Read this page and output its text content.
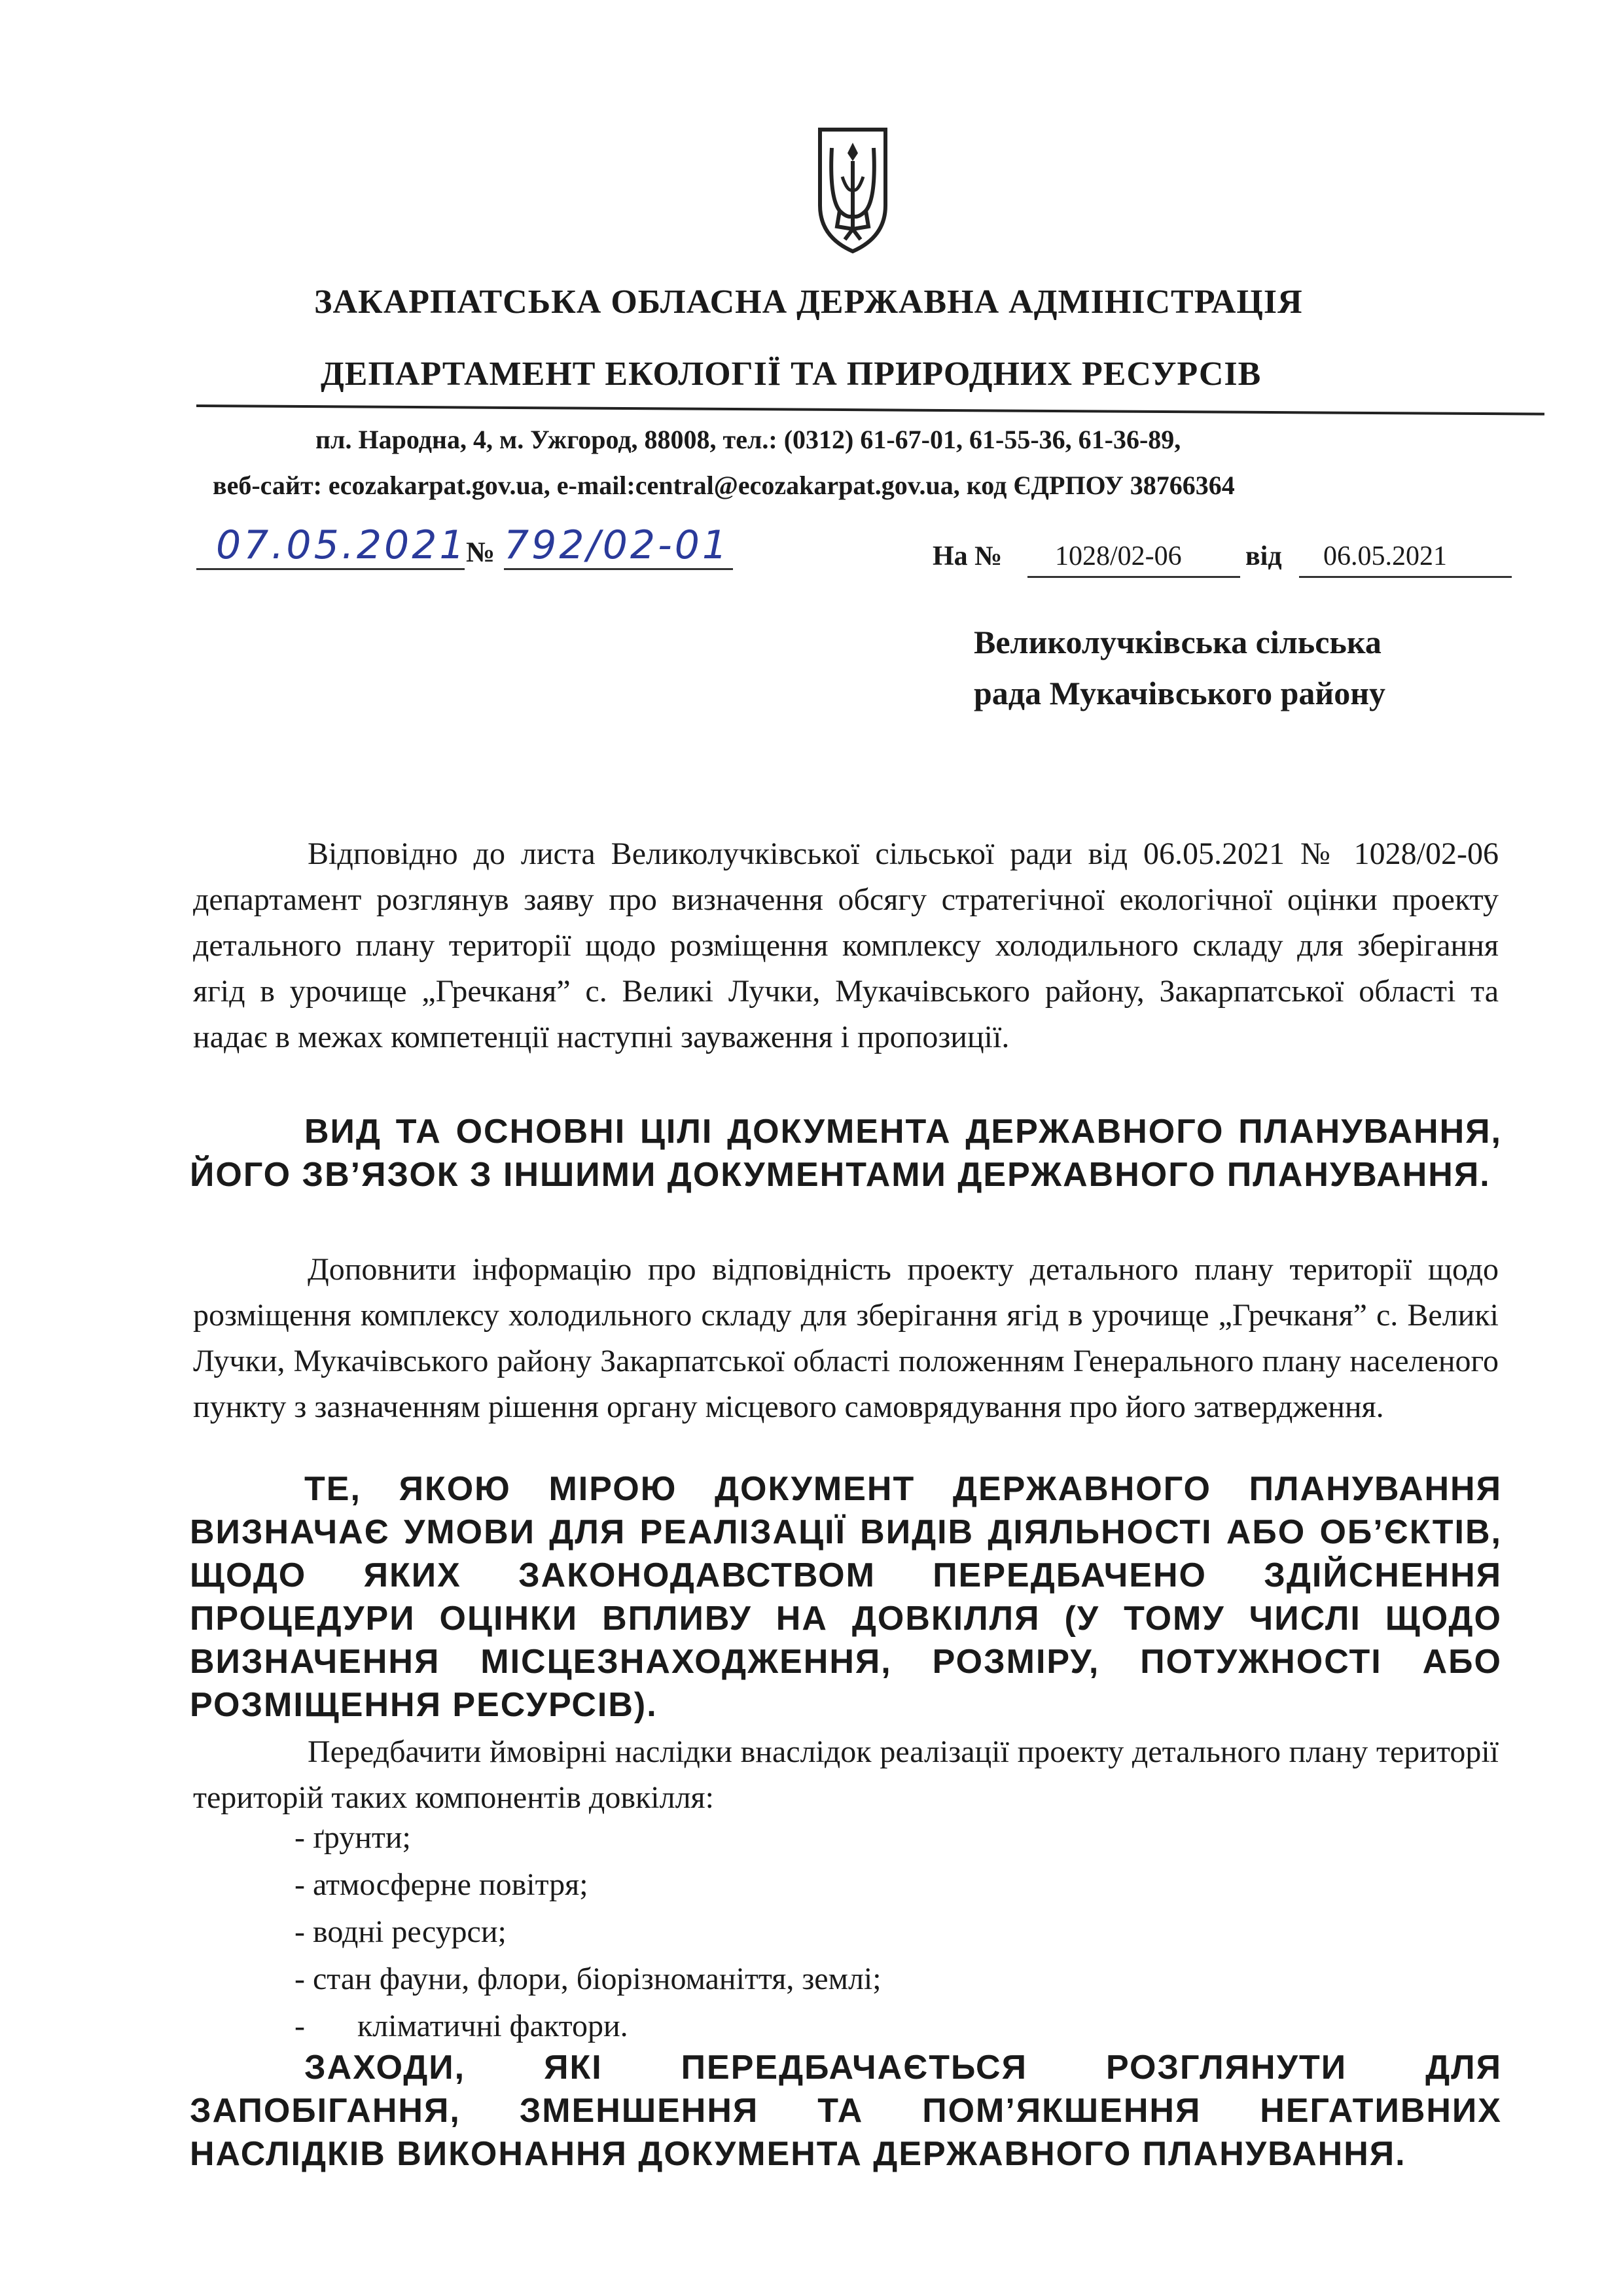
ЗАКАРПАТСЬКА ОБЛАСНА ДЕРЖАВНА АДМІНІСТРАЦІЯ
ДЕПАРТАМЕНТ ЕКОЛОГІЇ ТА ПРИРОДНИХ РЕСУРСІВ
пл. Народна, 4, м. Ужгород, 88008, тел.: (0312) 61-67-01, 61-55-36, 61-36-89,
веб-сайт: ecozakarpat.gov.ua, e-mail:central@ecozakarpat.gov.ua, код ЄДРПОУ 38766364
07.05.2021
№ 792/02-01	На № 1028/02-06 від 06.05.2021
Великолучківська сільська
рада Мукачівського району
Відповідно до листа Великолучківської сільської ради від 06.05.2021 № 1028/02-06 департамент розглянув заяву про визначення обсягу стратегічної екологічної оцінки проекту детального плану території щодо розміщення комплексу холодильного складу для зберігання ягід в урочище „Гречканя” с. Великі Лучки, Мукачівського району, Закарпатської області та надає в межах компетенції наступні зауваження і пропозиції.
ВИД ТА ОСНОВНІ ЦІЛІ ДОКУМЕНТА ДЕРЖАВНОГО ПЛАНУВАННЯ, ЙОГО ЗВ’ЯЗОК З ІНШИМИ ДОКУМЕНТАМИ ДЕРЖАВНОГО ПЛАНУВАННЯ.
Доповнити інформацію про відповідність проекту детального плану території щодо розміщення комплексу холодильного складу для зберігання ягід в урочище „Гречканя” с. Великі Лучки, Мукачівського району Закарпатської області положенням Генерального плану населеного пункту з зазначенням рішення органу місцевого самоврядування про його затвердження.
ТЕ, ЯКОЮ МІРОЮ ДОКУМЕНТ ДЕРЖАВНОГО ПЛАНУВАННЯ ВИЗНАЧАЄ УМОВИ ДЛЯ РЕАЛІЗАЦІЇ ВИДІВ ДІЯЛЬНОСТІ АБО ОБ’ЄКТІВ, ЩОДО ЯКИХ ЗАКОНОДАВСТВОМ ПЕРЕДБАЧЕНО ЗДІЙСНЕННЯ ПРОЦЕДУРИ ОЦІНКИ ВПЛИВУ НА ДОВКІЛЛЯ (У ТОМУ ЧИСЛІ ЩОДО ВИЗНАЧЕННЯ МІСЦЕЗНАХОДЖЕННЯ, РОЗМІРУ, ПОТУЖНОСТІ АБО РОЗМІЩЕННЯ РЕСУРСІВ).
Передбачити ймовірні наслідки внаслідок реалізації проекту детального плану території територій таких компонентів довкілля:
- ґрунти;
- атмосферне повітря;
- водні ресурси;
- стан фауни, флори, біорізноманіття, землі;
- кліматичні фактори.
ЗАХОДИ, ЯКІ ПЕРЕДБАЧАЄТЬСЯ РОЗГЛЯНУТИ ДЛЯ ЗАПОБІГАННЯ, ЗМЕНШЕННЯ ТА ПОМ’ЯКШЕННЯ НЕГАТИВНИХ НАСЛІДКІВ ВИКОНАННЯ ДОКУМЕНТА ДЕРЖАВНОГО ПЛАНУВАННЯ.
